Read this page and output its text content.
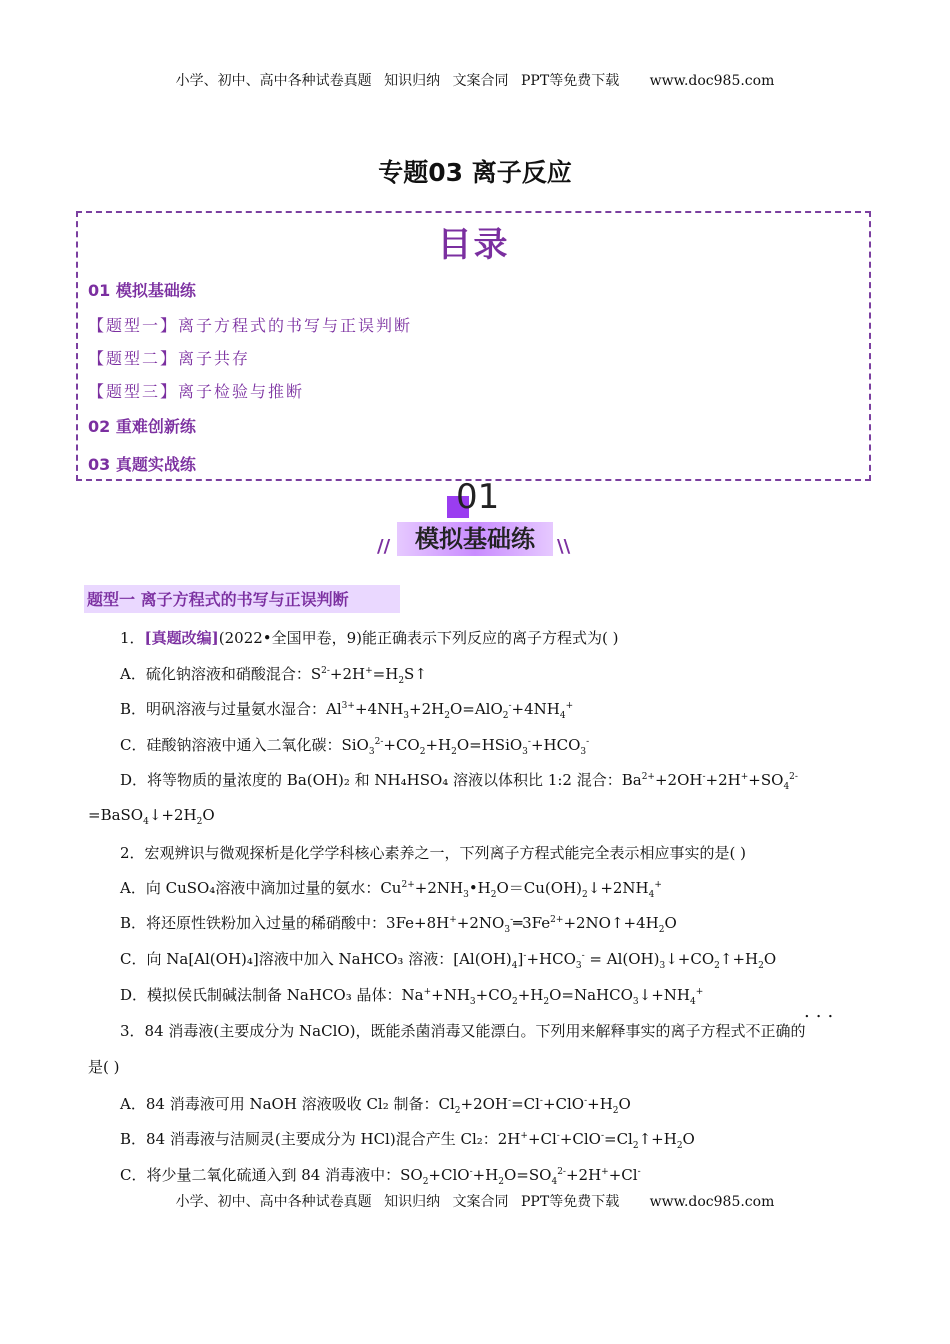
小学、初中、高中各种试卷真题 知识归纳 文案合同 PPT等免费下载 www.doc985.com
专题03 离子反应
目录
01 模拟基础练
【题型一】离子方程式的书写与正误判断
【题型二】离子共存
【题型三】离子检验与推断
02 重难创新练
03 真题实战练
01
模拟基础练
//	\\
题型一 离子方程式的书写与正误判断
1．[真题改编](2022•全国甲卷，9)能正确表示下列反应的离子方程式为( )
A．硫化钠溶液和硝酸混合：$S^{2-}+2H^+=H_2S↑$
B．明矾溶液与过量氨水湿合：$Al^{3+}+4NH_3+2H_2O=AlO_2^-+4NH_4^+$
C．硅酸钠溶液中通入二氧化碳：$SiO_3^{2-}+CO_2+H_2O=HSiO_3^-+HCO_3^-$
D．将等物质的量浓度的 Ba(OH)₂ 和 NH₄HSO₄ 溶液以体积比 1:2 混合：$Ba^{2+}+2OH^-+2H^++SO_4^{2-}$
$=BaSO_4↓+2H_2O$
2．宏观辨识与微观探析是化学学科核心素养之一，下列离子方程式能完全表示相应事实的是( )
A．向 CuSO₄溶液中滴加过量的氨水：$Cu^{2+}+2NH_3•H_2O=Cu(OH)_2↓+2NH_4^+$
B．将还原性铁粉加入过量的稀硝酸中：$3Fe+8H^++2NO_3^-═3Fe^{2+}+2NO↑+4H_2O$
C．向 Na[Al(OH)₄]溶液中加入 NaHCO₃ 溶液：$[Al(OH)_4]^-+HCO_3^-$ = $Al(OH)_3↓+CO_2↑+H_2O$
D．模拟侯氏制碱法制备 NaHCO₃ 晶体：$Na^++NH_3+CO_2+H_2O=NaHCO_3↓+NH_4^+$
...
3．84 消毒液(主要成分为 NaClO)，既能杀菌消毒又能漂白。下列用来解释事实的离子方程式不正确的
是( )
A．84 消毒液可用 NaOH 溶液吸收 Cl₂ 制备：$Cl_2+2OH^-=Cl^-+ClO^-+H_2O$
B．84 消毒液与洁厕灵(主要成分为 HCl)混合产生 Cl₂：$2H^++Cl^-+ClO^-=Cl_2↑+H_2O$
C．将少量二氧化硫通入到 84 消毒液中：$SO_2+ClO^-+H_2O=SO_4^{2-}+2H^++Cl^-$
小学、初中、高中各种试卷真题 知识归纳 文案合同 PPT等免费下载 www.doc985.com
